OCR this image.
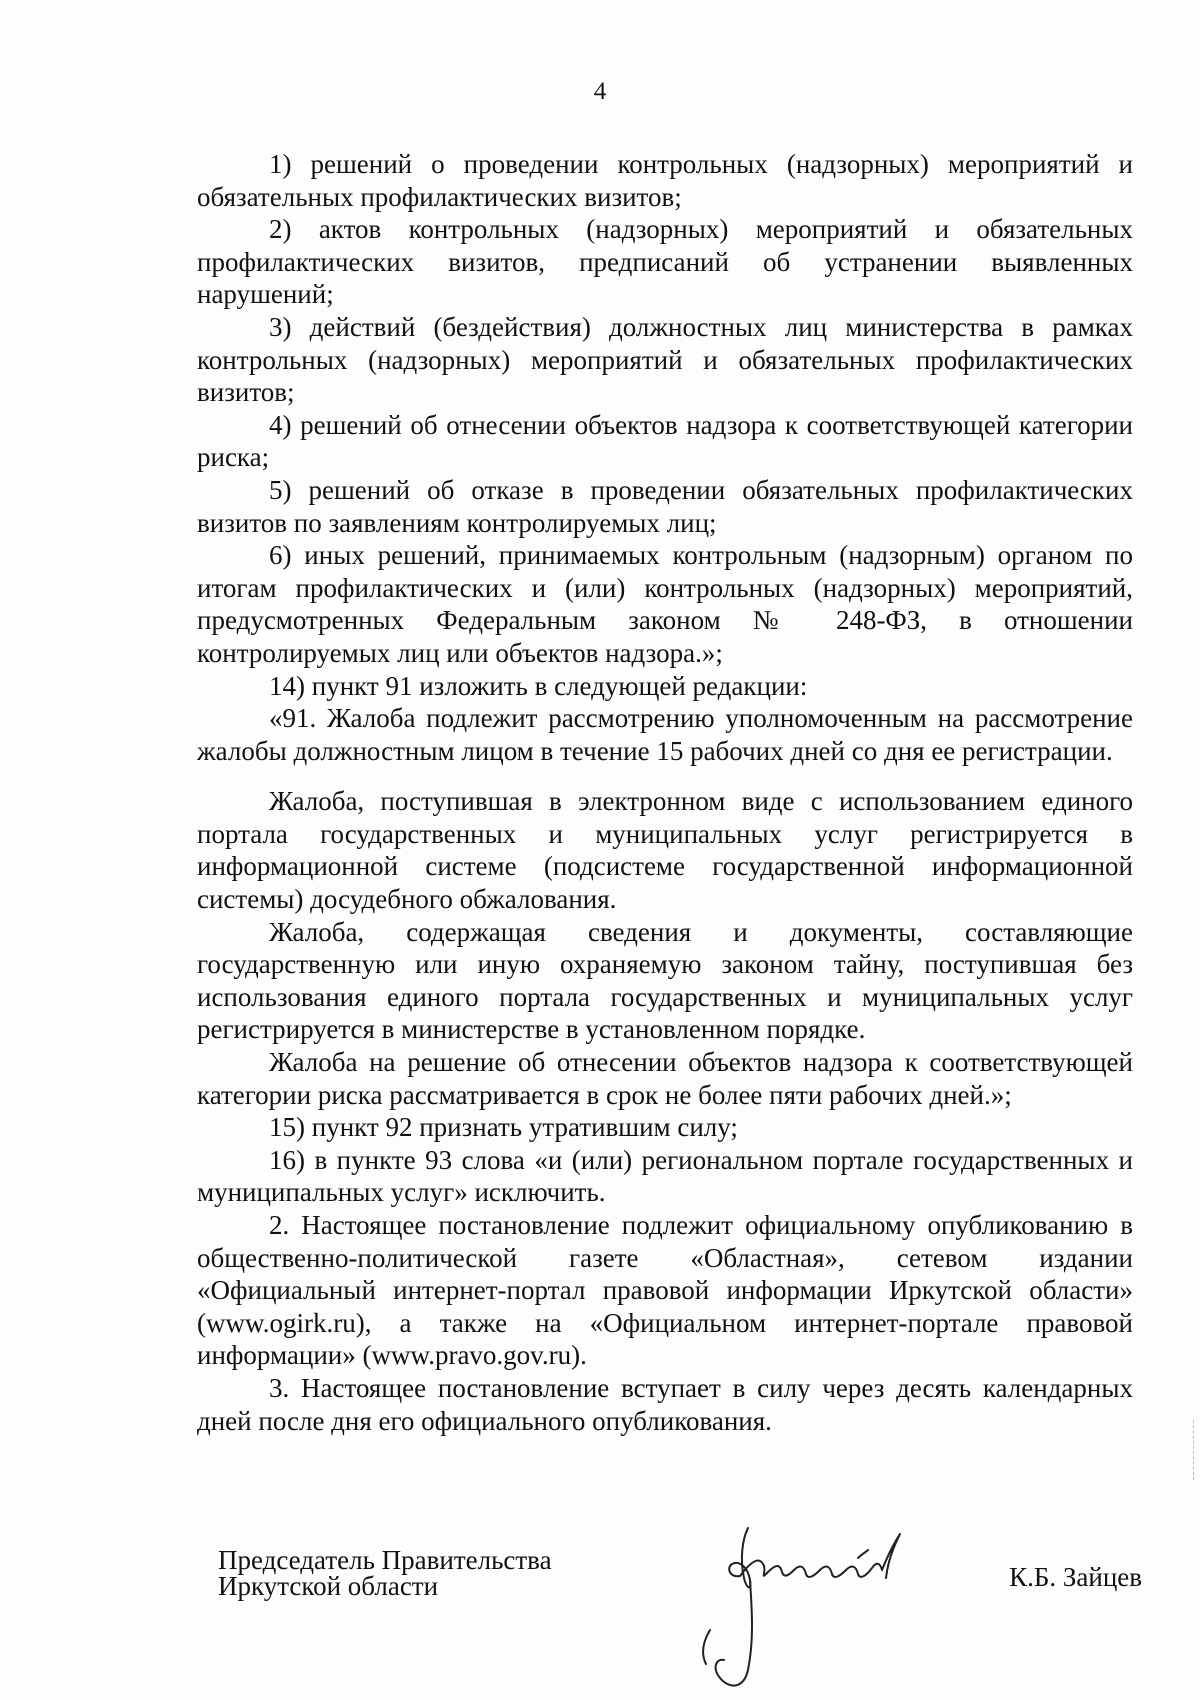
4

1) решений о проведении контрольных (надзорных) мероприятий и обязательных профилактических визитов;

2) актов контрольных (надзорных) мероприятий и обязательных профилактических визитов, предписаний об устранении выявленных нарушений;

3) действий (бездействия) должностных лиц министерства в рамках контрольных (надзорных) мероприятий и обязательных профилактических визитов;

4) решений об отнесении объектов надзора к соответствующей категории риска;

5) решений об отказе в проведении обязательных профилактических визитов по заявлениям контролируемых лиц;

6) иных решений, принимаемых контрольным (надзорным) органом по итогам профилактических и (или) контрольных (надзорных) мероприятий, предусмотренных Федеральным законом № 248-ФЗ, в отношении контролируемых лиц или объектов надзора.»;

14) пункт 91 изложить в следующей редакции:

«91. Жалоба подлежит рассмотрению уполномоченным на рассмотрение жалобы должностным лицом в течение 15 рабочих дней со дня ее регистрации.

Жалоба, поступившая в электронном виде с использованием единого портала государственных и муниципальных услуг регистрируется в информационной системе (подсистеме государственной информационной системы) досудебного обжалования.

Жалоба, содержащая сведения и документы, составляющие государственную или иную охраняемую законом тайну, поступившая без использования единого портала государственных и муниципальных услуг регистрируется в министерстве в установленном порядке.

Жалоба на решение об отнесении объектов надзора к соответствующей категории риска рассматривается в срок не более пяти рабочих дней.»;

15) пункт 92 признать утратившим силу;

16) в пункте 93 слова «и (или) региональном портале государственных и муниципальных услуг» исключить.

2. Настоящее постановление подлежит официальному опубликованию в общественно-политической газете «Областная», сетевом издании «Официальный интернет-портал правовой информации Иркутской области» (www.ogirk.ru), а также на «Официальном интернет-портале правовой информации» (www.pravo.gov.ru).

3. Настоящее постановление вступает в силу через десять календарных дней после дня его официального опубликования.

Председатель Правительства
Иркутской области	К.Б. Зайцев
